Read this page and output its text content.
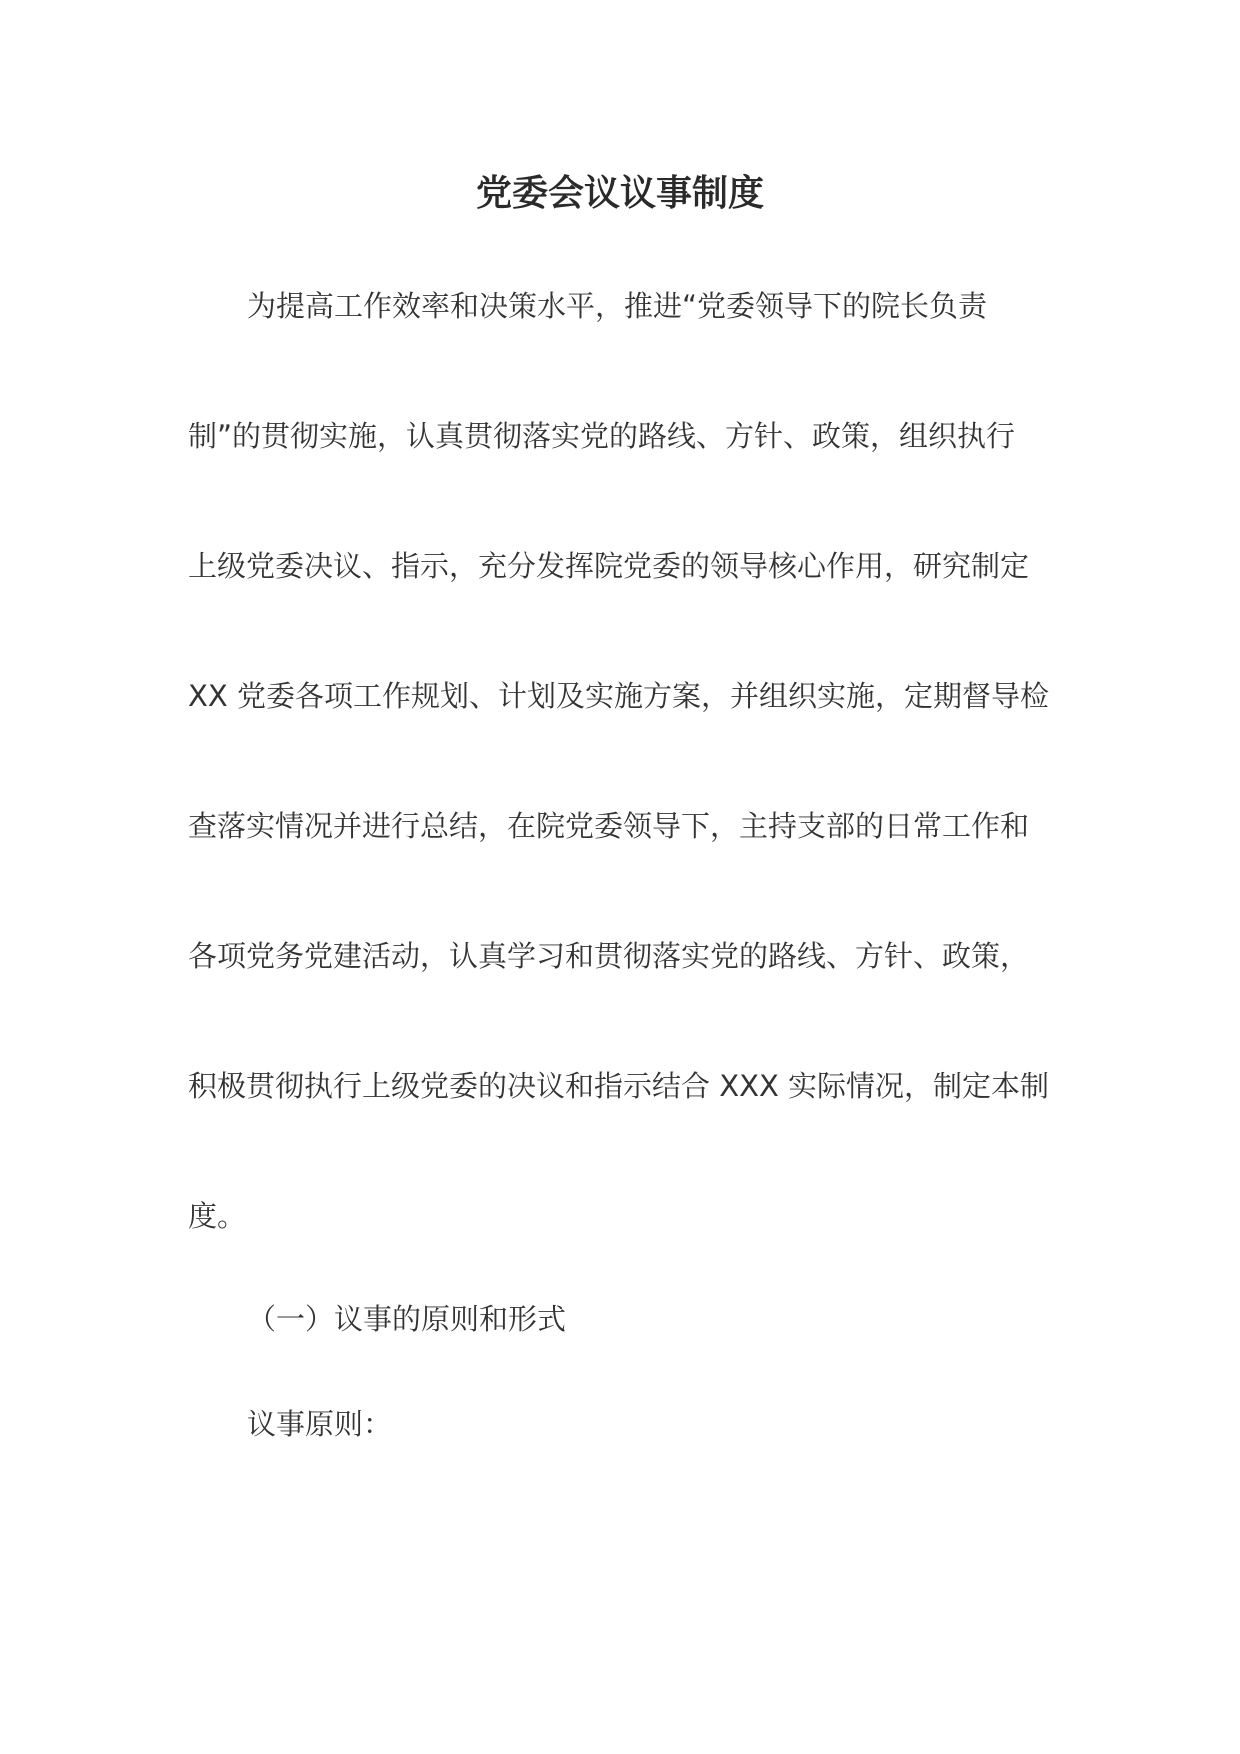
党委会议议事制度

为提高工作效率和决策水平，推进“党委领导下的院长负责

制”的贯彻实施，认真贯彻落实党的路线、方针、政策，组织执行

上级党委决议、指示，充分发挥院党委的领导核心作用，研究制定

XX 党委各项工作规划、计划及实施方案，并组织实施，定期督导检

查落实情况并进行总结，在院党委领导下，主持支部的日常工作和

各项党务党建活动，认真学习和贯彻落实党的路线、方针、政策，

积极贯彻执行上级党委的决议和指示结合 XXX 实际情况，制定本制

度。

（一）议事的原则和形式

议事原则：
